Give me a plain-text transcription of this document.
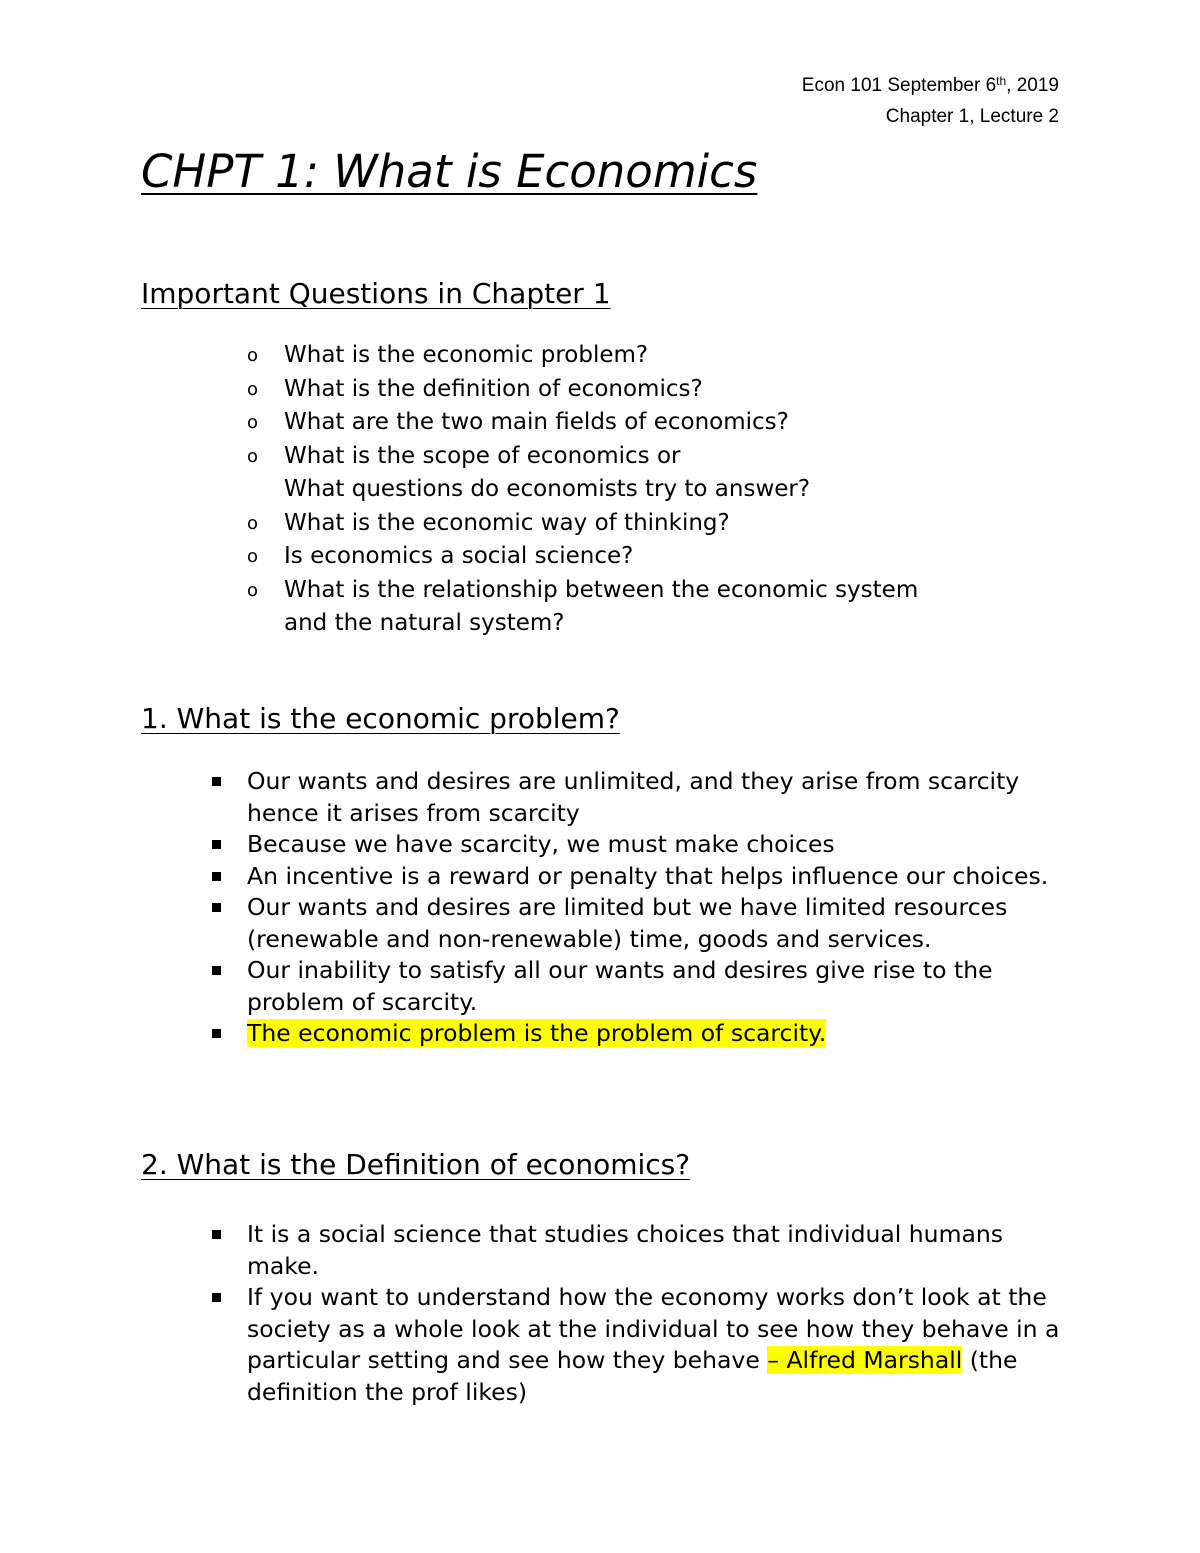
Econ 101 September 6th, 2019
Chapter 1, Lecture 2
CHPT 1: What is Economics
Important Questions in Chapter 1
o What is the economic problem?
o What is the definition of economics?
o What are the two main fields of economics?
o What is the scope of economics or
What questions do economists try to answer?
o What is the economic way of thinking?
o Is economics a social science?
o What is the relationship between the economic system
and the natural system?
1. What is the economic problem?
Our wants and desires are unlimited, and they arise from scarcity hence it arises from scarcity
Because we have scarcity, we must make choices
An incentive is a reward or penalty that helps influence our choices.
Our wants and desires are limited but we have limited resources (renewable and non-renewable) time, goods and services.
Our inability to satisfy all our wants and desires give rise to the problem of scarcity.
The economic problem is the problem of scarcity.
2. What is the Definition of economics?
It is a social science that studies choices that individual humans make.
If you want to understand how the economy works don’t look at the society as a whole look at the individual to see how they behave in a particular setting and see how they behave – Alfred Marshall (the definition the prof likes)
